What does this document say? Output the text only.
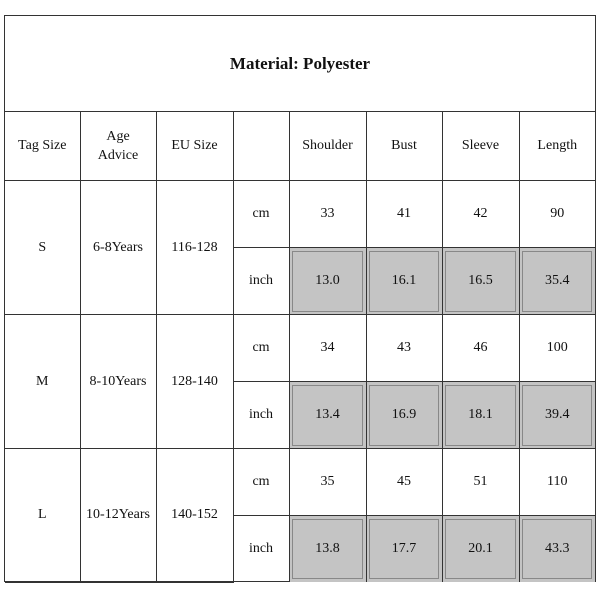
Material: Polyester
Tag Size	Age Advice	EU Size		Shoulder	Bust	Sleeve	Length
S	6-8Years	116-128	cm	33	41	42	90
			inch	13.0	16.1	16.5	35.4
M	8-10Years	128-140	cm	34	43	46	100
			inch	13.4	16.9	18.1	39.4
L	10-12Years	140-152	cm	35	45	51	110
			inch	13.8	17.7	20.1	43.3
